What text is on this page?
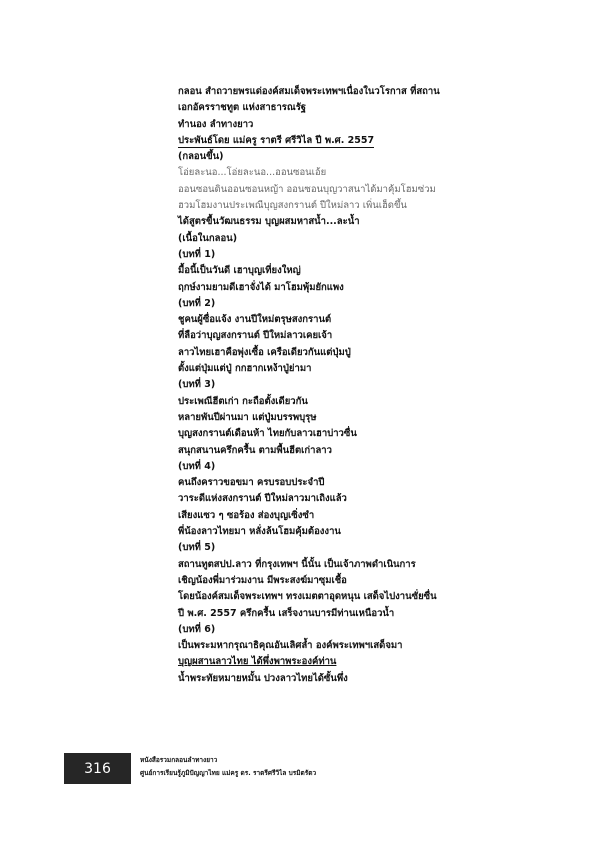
กลอน สำถวายพรแด่องค์สมเด็จพระเทพฯเนื่องในวโรกาส ที่สถาน
เอกอัครราชทูต แห่งสาธารณรัฐ
ทำนอง ลำทางยาว
ประพันธ์โดย แม่ครู ราตรี ศรีวิไล ปี พ.ศ. 2557
(กลอนขึ้น)
โอ่ยละนอ...โอ่ยละนอ...ออนซอนเอ้ย
ออนซอนดินออนซอนหญ้า ออนซอนบุญวาสนาได้มาคุ้มโฮมซ่วม
ฮวมโฮมงานประเพณีบุญสงกรานต์ ปีใหม่ลาว เพิ่นเฮ็ดขึ้น
ได้สูตรขื้นวัฒนธรรม บุญผสมหาสน้ำ...ละน้ำ
(เนื้อในกลอน)
(บทที่ 1)
มื้อนี้เป็นวันดี เฮาบุญเที่ยงใหญ่
ฤกษ์งามยามดีเฮาจั่งได้ มาโฮมพุ้มยักแพง
(บทที่ 2)
ชูคนผู้ซื่อแจ้ง งานปีใหม่ตรุษสงกรานต์
ที่ลือว่าบุญสงกรานต์ ปีใหม่ลาวเคยเจ้า
ลาวไทยเฮาคือพุ่งเซื้อ เครือเดียวกันแต่ปุ่มปู่
ตั้งแต่ปุ่มแต่ปู่ กกฮากเหง้าปู่ย่ามา
(บทที่ 3)
ประเพณีฮีตเก่า กะถือตั้งเดียวกัน
หลายพันปีผ่านมา แต่ปู่มบรรพบุรุษ
บุญสงกรานต์เดือนห้า ไทยกับลาวเฮาบ่าวซื่น
สนุกสนานครึกครื้น ตามพื้นฮีตเก่าลาว
(บทที่ 4)
คนถึงคราวขอขมา ครบรอบประจำปี
วาระดีแห่งสงกรานต์ ปีใหม่ลาวมาเถิงแล้ว
เสียงแซว ๆ ซอร้อง ส่องบุญเซิ่งซำ
พี่น้องลาวไทยมา หลั่งล้นโฮมคุ้มต้องงาน
(บทที่ 5)
สถานทูตสปป.ลาว ที่กรุงเทพฯ นี้นั้น เป็นเจ้าภาพดำเนินการ
เชิญน้องพี่มาร่วมงาน มีพระสงฆ์มาซุมเชื้อ
โดยน้องค์สมเด็จพระเทพฯ ทรงเมตตาอุดหนุน เสด็จไปงานซั่ยซื่น
ปี พ.ศ. 2557 ครึกครื้น เสร็จงานบารมีท่านเหนือวน้ำ
(บทที่ 6)
เป็นพระมหากรุณาธิคุณอันเลิศล้ำ องค์พระเทพฯเสด็จมา
บุญผสานลาวไทย ได้พึ่งพาพระองค์ท่าน
น้ำพระทัยหมายหมั้น ปวงลาวไทยได้ซั้นพึ่ง
316
หนังสือรวมกลอนลำทางยาว
ศูนย์การเรียนรู้ภูมิปัญญาไทย แม่ครู ดร. ราตรีศรีวิไล บรมิตรัตว
